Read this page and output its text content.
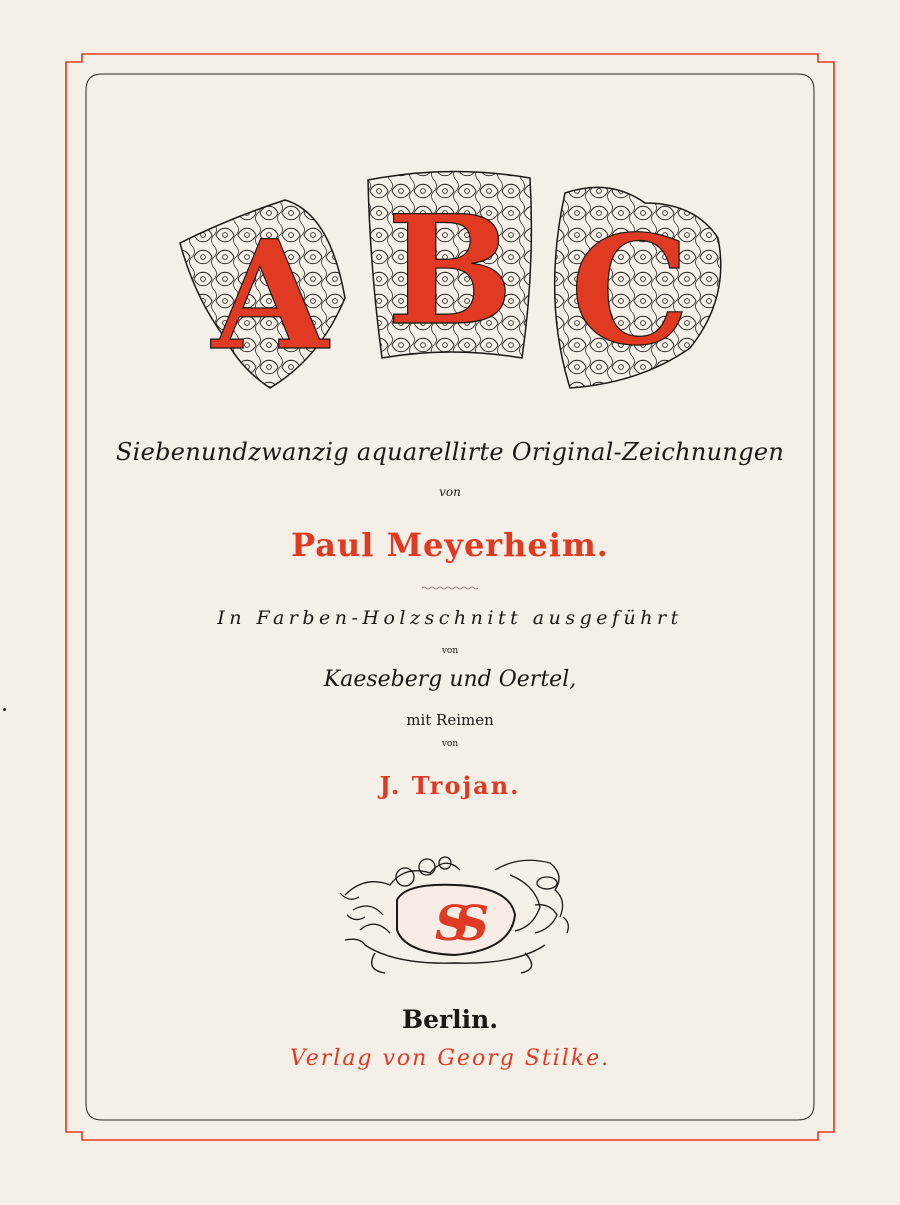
A B C
Siebenundzwanzig aquarellirte Original-Zeichnungen
von
Paul Meyerheim.
In Farben-Holzschnitt ausgeführt
von
Kaeseberg und Oertel,
mit Reimen
von
J. Trojan.
SS
Berlin.
Verlag von Georg Stilke.
